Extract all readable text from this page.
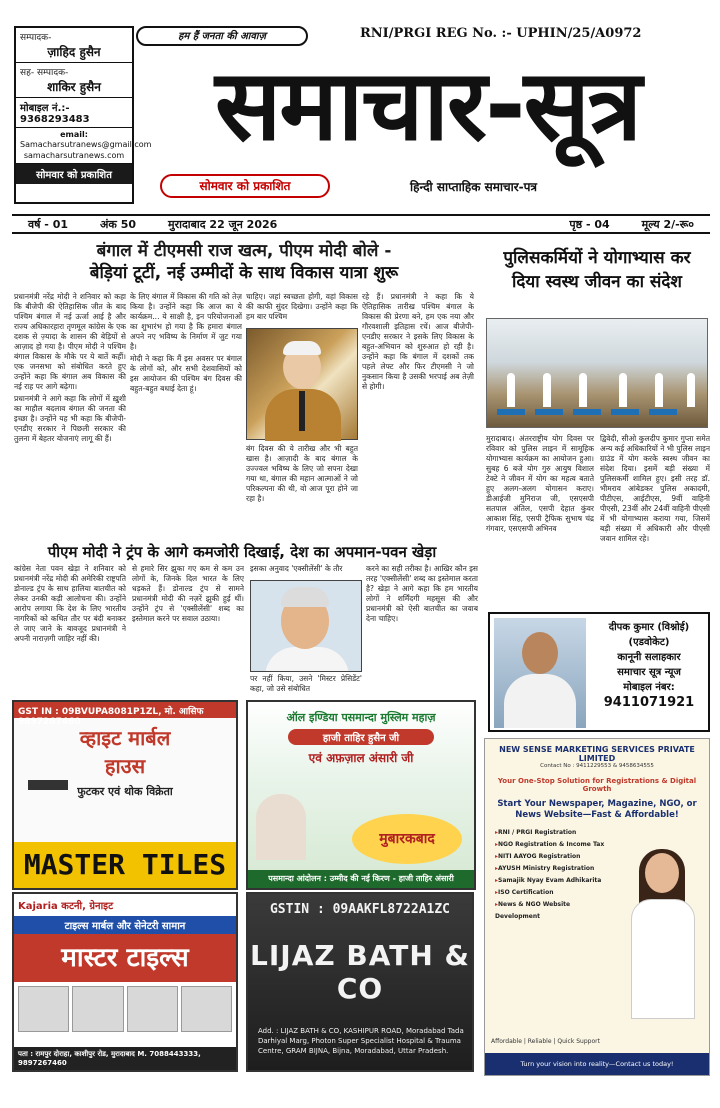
सम्पादक-
ज़ाहिद हुसैन
सह- सम्पादक-
शाकिर हुसैन
मोबाइल नं.:-
9368293483
email:
Samacharsutranews@gmail.com
samacharsutranews.com
सोमवार को प्रकाशित
हम हैं जनता की आवाज़	RNI/PRGI REG No. :- UPHIN/25/A0972
समाचार-सूत्र
सोमवार को प्रकाशित	हिन्दी साप्ताहिक समाचार-पत्र
वर्ष - 01	अंक 50	मुरादाबाद 22 जून 2026	पृष्ठ - 04	मूल्य 2/-रू०
बंगाल में टीएमसी राज खत्म, पीएम मोदी बोले -
बेड़ियां टूटीं, नई उम्मीदों के साथ विकास यात्रा शुरू

प्रधानमंत्री नरेंद्र मोदी ने शनिवार को कहा कि बीजेपी की ऐतिहासिक जीत के बाद पश्चिम बंगाल में नई ऊर्जा आई है और राज्य अधिकारहारा तृणमूल कांग्रेस के एक दशक से ज़्यादा के शासन की बेड़ियों से आज़ाद हो गया है। पीएम मोदी ने पश्चिम बंगाल विकास के मौके पर ये बातें कहीं। एक जनसभा को संबोधित करते हुए उन्होंने कहा कि बंगाल अब विकास की नई राह पर आगे बढ़ेगा।

प्रधानमंत्री ने आगे कहा कि लोगों में ख़ुशी का माहौल बदलाव बंगाल की जनता की इच्छा है। उन्होंने यह भी कहा कि बीजेपी-एनडीए सरकार ने पिछली सरकार की तुलना में बेहतर योजनाएं लागू की हैं।

के लिए बंगाल में विकास की गति को तेज़ किया है। उन्होंने कहा कि आज का ये कार्यक्रम... ये साक्षी है, इन परियोजनाओं का शुभारंभ हो गया है कि हमारा बंगाल अपने नए भविष्य के निर्माण में जुट गया है।

मोदी ने कहा कि मैं इस अवसर पर बंगाल के लोगों को, और सभी देशवासियों को इस आयोजन की पश्चिम बंग दिवस की बहुत-बहुत बधाई देता हूं।

चाहिए। जहां स्वच्छता होगी, वहां विकास की काफी सुंदर दिखेगा। उन्होंने कहा कि हम बार पश्चिम

बंग दिवस की ये तारीख और भी बहुत खास है। आज़ादी के बाद बंगाल के उज्ज्वल भविष्य के लिए जो सपना देखा गया था, बंगाल की महान आत्माओं ने जो परिकल्पना की थी, वो आज पूरा होने जा रहा है।

रहे हैं। प्रधानमंत्री ने कहा कि ये ऐतिहासिक तारीख पश्चिम बंगाल के विकास की प्रेरणा बने, हम एक नया और गौरवशाली इतिहास रचें। आज बीजेपी-एनडीए सरकार ने इसके लिए विकास के बहुत-अभियान को शुरुआत हो रही है। उन्होंने कहा कि बंगाल में दशकों तक पहले लेफ्ट और फिर टीएमसी ने जो नुकसान किया है उसकी भरपाई अब तेज़ी से होगी।

पुलिसकर्मियों ने योगाभ्यास कर
दिया स्वस्थ जीवन का संदेश

मुरादाबाद। अंतरराष्ट्रीय योग दिवस पर रविवार को पुलिस लाइन में सामूहिक योगाभ्यास कार्यक्रम का आयोजन हुआ। सुबह 6 बजे योग गुरु आयुष विशाल टेक्टे ने जीवन में योग का महत्व बताते हुए अलग-अलग योगासन कराए। डीआईजी मुनिराज जी, एसएसपी सतपाल अंतिल, एसपी देहात कुंवर आकाश सिंह, एसपी ट्रैफिक सुभाष चंद्र गंगवार, एसएसपी अभिनव

द्विवेदी, सीओ कुलदीप कुमार गुप्ता समेत अन्य कई अधिकारियों ने भी पुलिस लाइन ग्राउंड में योग करके स्वस्थ जीवन का संदेश दिया। इसमें बड़ी संख्या में पुलिसकर्मी शामिल हुए। इसी तरह डॉ. भीमराव आंबेडकर पुलिस अकादमी, पीटीएस, आईटीएस, 9वीं वाहिनी पीएसी, 23वीं और 24वीं वाहिनी पीएसी में भी योगाभ्यास कराया गया, जिसमें बड़ी संख्या में अधिकारी और पीएसी जवान शामिल रहे।

पीएम मोदी ने ट्रंप के आगे कमजोरी दिखाई, देश का अपमान-पवन खेड़ा

कांग्रेस नेता पवन खेड़ा ने शनिवार को प्रधानमंत्री नरेंद्र मोदी की अमेरिकी राष्ट्रपति डोनाल्ड ट्रंप के साथ हालिया बातचीत को लेकर उनकी कड़ी आलोचना की। उन्होंने आरोप लगाया कि देश के लिए भारतीय नागरिकों को कथित तौर पर बंदी बनाकर ले जाए जाने के बावजूद प्रधानमंत्री ने अपनी नाराज़गी जाहिर नहीं की।

से हमारे सिर झुका गए कम से कम उन लोगों के, जिनके दिल भारत के लिए धड़कते हैं। डोनाल्ड ट्रंप से सामने प्रधानमंत्री मोदी की नज़रें झुकी हुई थीं। उन्होंने ट्रंप से 'एक्सीलेंसी' शब्द का इस्तेमाल करने पर सवाल उठाया।

इसका अनुवाद 'एक्सीलेंसी' के तौर

पर नहीं किया, उसने 'मिस्टर प्रेसिडेंट' कहा, जो उसे संबोधित

करने का सही तरीका है। आखिर कौन इस तरह 'एक्सीलेंसी' शब्द का इस्तेमाल करता है? खेड़ा ने आगे कहा कि हम भारतीय लोगों ने शर्मिंदगी महसूस की और प्रधानमंत्री को ऐसी बातचीत का जवाब देना चाहिए।

दीपक कुमार (विश्नोई)
(एडवोकेट)
कानूनी सलाहकार
समाचार सूत्र न्यूज
मोबाइल नंबर:
9411071921
GST IN : 09BVUPA8081P1ZL, मो. आसिफ 9897267460
व्हाइट मार्बल
हाउस
फुटकर एवं थोक विक्रेता
MASTER TILES
ऑल इण्डिया पसमान्दा मुस्लिम महाज़
हाजी ताहिर हुसैन जी
एवं अफ़ज़ाल अंसारी जी
मुबारकबाद
पसमान्दा आंदोलन : उम्मीद की नई किरण - हाजी ताहिर अंसारी
NEW SENSE MARKETING SERVICES PRIVATE LIMITED
Contact No : 9411229553 & 9458634555
Your One-Stop Solution for Registrations & Digital Growth
Start Your Newspaper, Magazine, NGO, or News Website—Fast & Affordable!
▸ RNI / PRGI Registration
▸ NGO Registration & Income Tax
▸ NITI AAYOG Registration
▸ AYUSH Ministry Registration
▸ Samajik Nyay Evam Adhikarita
▸ ISO Certification
▸ News & NGO Website Development
Affordable | Reliable | Quick Support
Turn your vision into reality—Contact us today!
Kajaria कटनी, ग्रेनाइट
टाइल्स मार्बल और सेनेटरी सामान
मास्टर टाइल्स
पता : रामपुर दोराहा, काशीपुर रोड, मुरादाबाद M. 7088443333, 9897267460
GSTIN : 09AAKFL8722A1ZC
LIJAZ BATH & CO
Add. : LIJAZ BATH & CO, KASHIPUR ROAD, Moradabad Tada Darhiyal Marg, Photon Super Specialist Hospital & Trauma Centre, GRAM BIJNA, Bijna, Moradabad, Uttar Pradesh.
